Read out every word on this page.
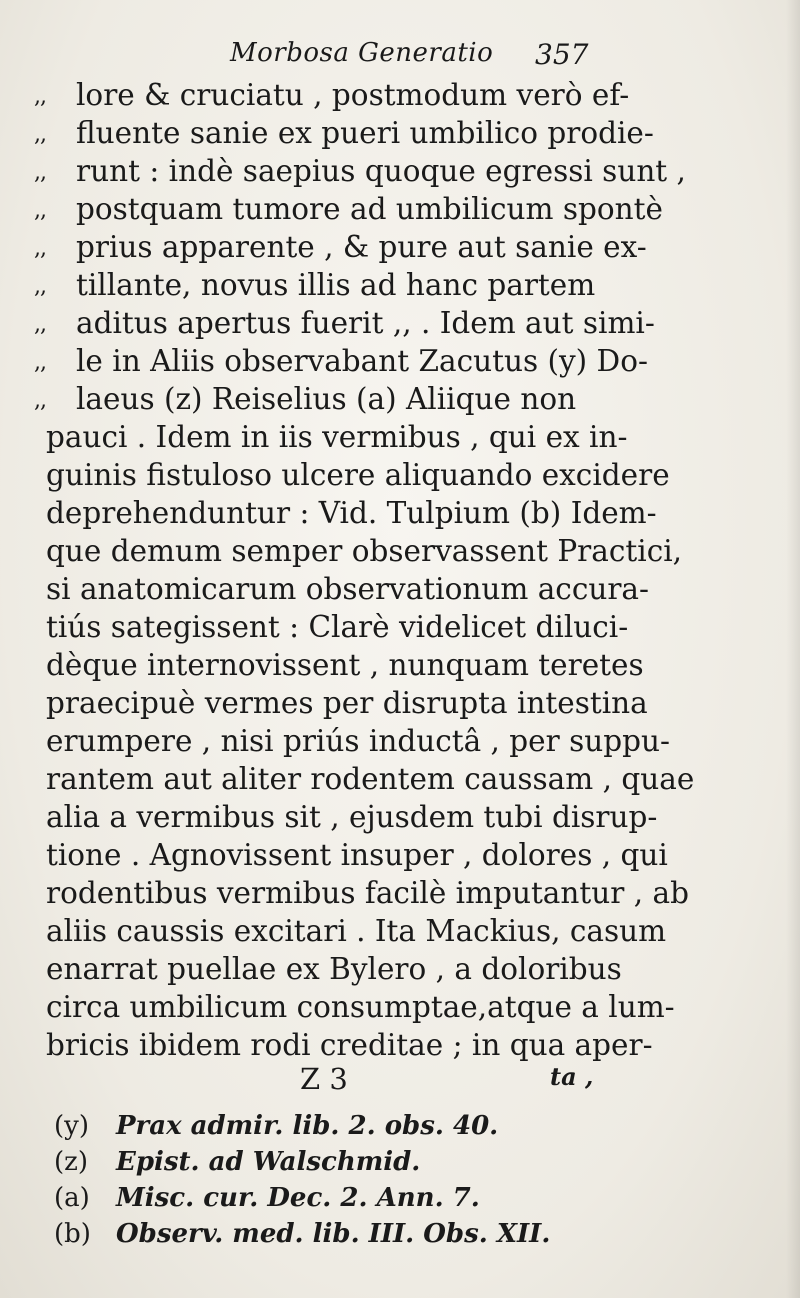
Morbosa Generatio 357
,, lore & cruciatu , postmodum verò ef-
,, fluente sanie ex pueri umbilico prodie-
,, runt : indè saepius quoque egressi sunt ,
,, postquam tumore ad umbilicum spontè
,, prius apparente , & pure aut sanie ex-
,, tillante, novus illis ad hanc partem
,, aditus apertus fuerit ,, . Idem aut simi-
,, le in Aliis observabant Zacutus (y) Do-
,, laeus (z) Reiselius (a) Aliique non
pauci . Idem in iis vermibus , qui ex in-
guinis fistuloso ulcere aliquando excidere
deprehenduntur : Vid. Tulpium (b) Idem-
que demum semper observassent Practici,
si anatomicarum observationum accura-
tiús sategissent : Clarè videlicet diluci-
dèque internovissent , nunquam teretes
praecipuè vermes per disrupta intestina
erumpere , nisi priús inductâ , per suppu-
rantem aut aliter rodentem caussam , quae
alia a vermibus sit , ejusdem tubi disrup-
tione . Agnovissent insuper , dolores , qui
rodentibus vermibus facilè imputantur , ab
aliis caussis excitari . Ita Mackius, casum
enarrat puellae ex Bylero , a doloribus
circa umbilicum consumptae,atque a lum-
bricis ibidem rodi creditae ; in qua aper-
Z 3	ta ,
(y) Prax admir. lib. 2. obs. 40.
(z) Epist. ad Walschmid.
(a) Misc. cur. Dec. 2. Ann. 7.
(b) Observ. med. lib. III. Obs. XII.
